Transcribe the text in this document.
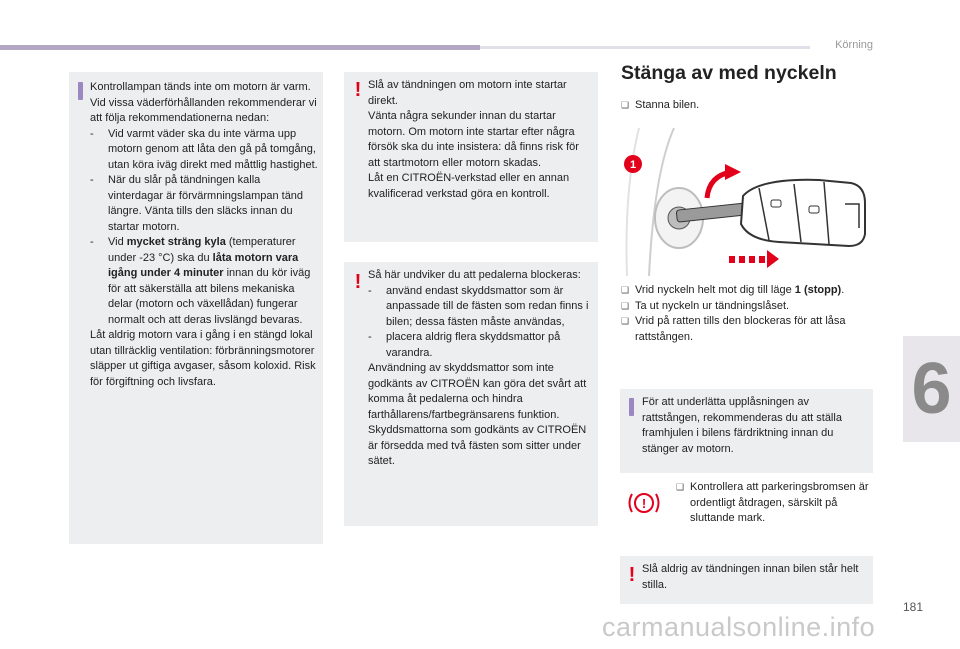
Körning
6
Kontrollampan tänds inte om motorn är varm. Vid vissa väderförhållanden rekommenderar vi att följa rekommendationerna nedan:
-	Vid varmt väder ska du inte värma upp motorn genom att låta den gå på tomgång, utan köra iväg direkt med måttlig hastighet.
-	När du slår på tändningen kalla vinterdagar är förvärmningslampan tänd längre. Vänta tills den släcks innan du startar motorn.
-	Vid mycket sträng kyla (temperaturer under -23 °C) ska du låta motorn vara igång under 4 minuter innan du kör iväg för att säkerställa att bilens mekaniska delar (motorn och växellådan) fungerar normalt och att deras livslängd bevaras.
Låt aldrig motorn vara i gång i en stängd lokal utan tillräcklig ventilation: förbränningsmotorer släpper ut giftiga avgaser, såsom koloxid. Risk för förgiftning och livsfara.
! Slå av tändningen om motorn inte startar direkt.
Vänta några sekunder innan du startar motorn. Om motorn inte startar efter några försök ska du inte insistera: då finns risk för att startmotorn eller motorn skadas.
Låt en CITROËN-verkstad eller en annan kvalificerad verkstad göra en kontroll.
! Så här undviker du att pedalerna blockeras:
-	använd endast skyddsmattor som är anpassade till de fästen som redan finns i bilen; dessa fästen måste användas,
-	placera aldrig flera skyddsmattor på varandra.
Användning av skyddsmattor som inte godkänts av CITROËN kan göra det svårt att komma åt pedalerna och hindra farthållarens/fartbegränsarens funktion.
Skyddsmattorna som godkänts av CITROËN är försedda med två fästen som sitter under sätet.
Stänga av med nyckeln
❑ Stanna bilen.
1
❑ Vrid nyckeln helt mot dig till läge 1 (stopp).
❑ Ta ut nyckeln ur tändningslåset.
❑ Vrid på ratten tills den blockeras för att låsa rattstången.
För att underlätta upplåsningen av rattstången, rekommenderas du att ställa framhjulen i bilens färdriktning innan du stänger av motorn.
!
❑ Kontrollera att parkeringsbromsen är ordentligt åtdragen, särskilt på sluttande mark.
! Slå aldrig av tändningen innan bilen står helt stilla.
181
carmanualsonline.info
